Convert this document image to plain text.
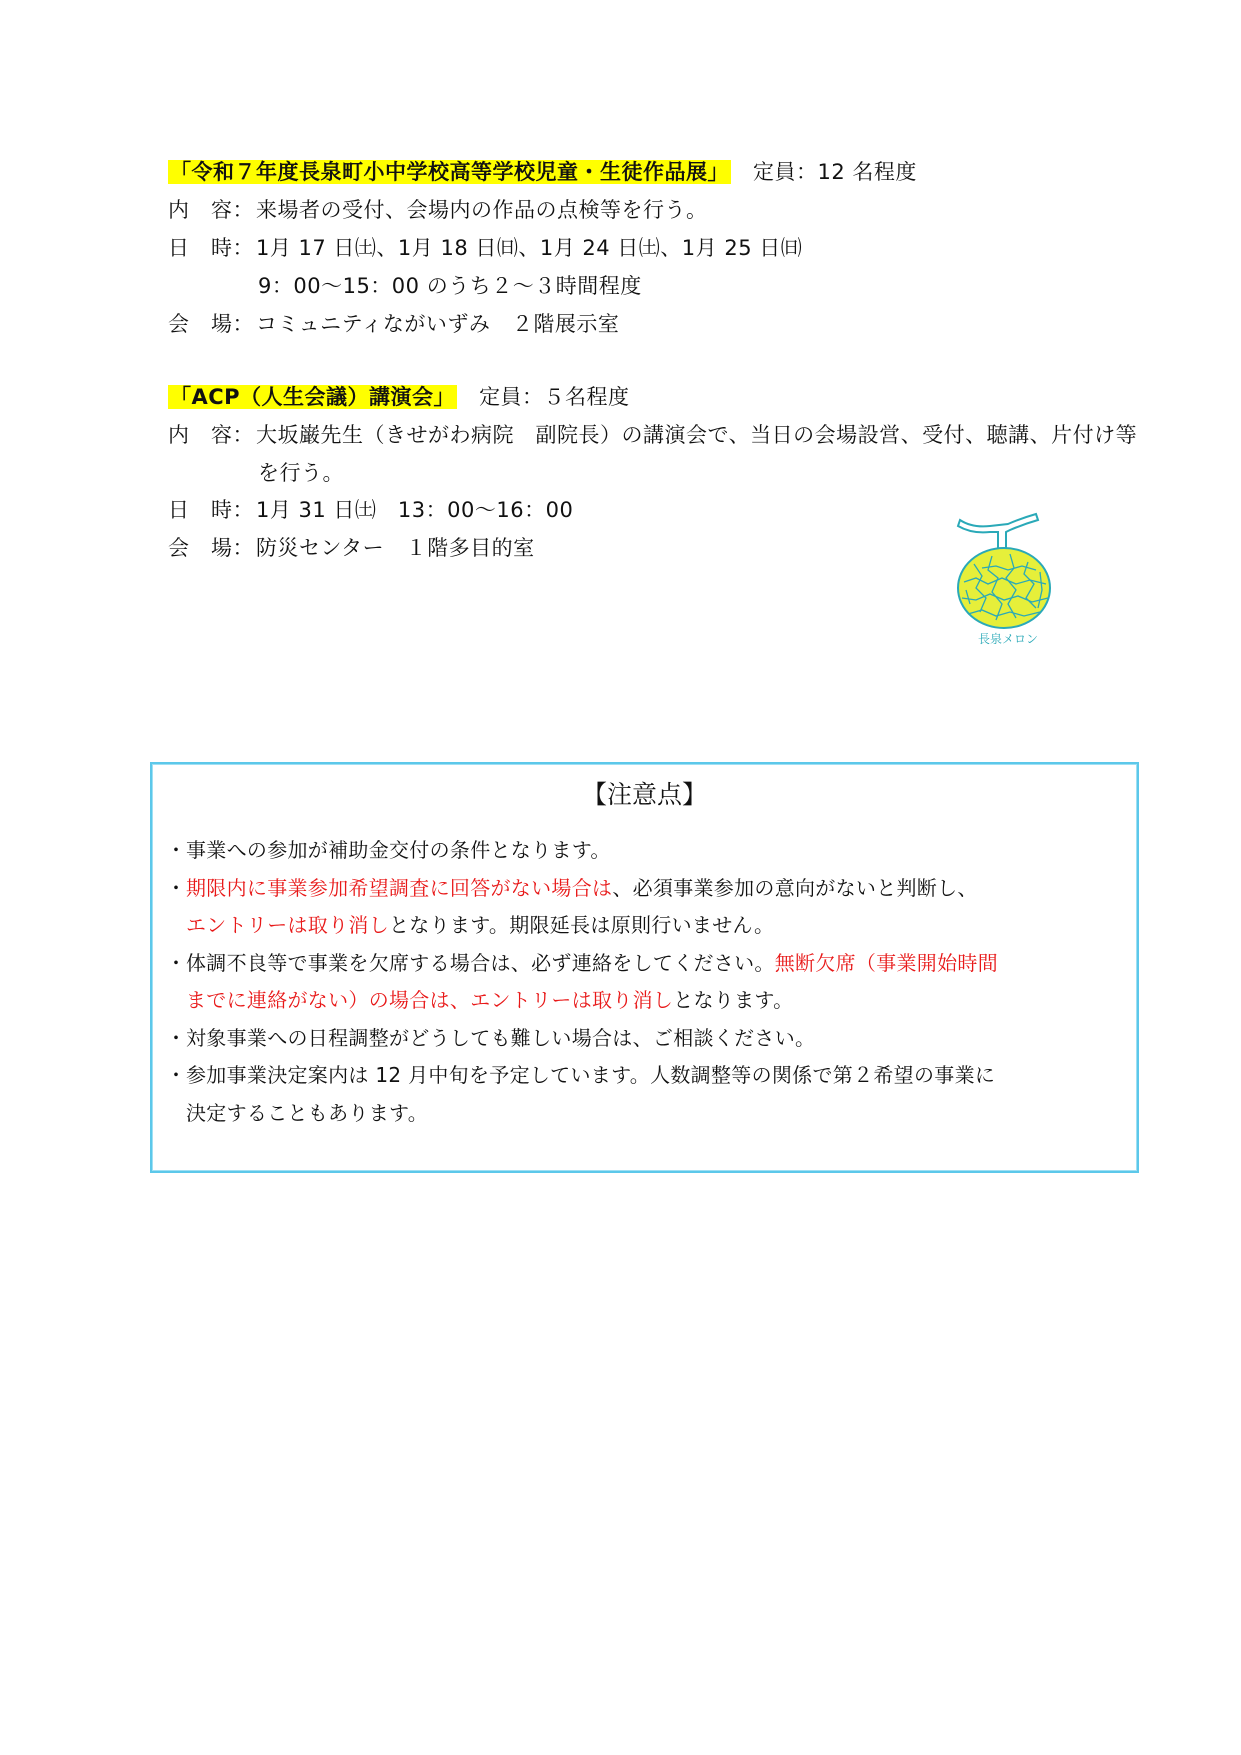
「令和７年度長泉町小中学校高等学校児童・生徒作品展」 定員：12 名程度
内　容：来場者の受付、会場内の作品の点検等を行う。
日　時：1月 17 日㈯、1月 18 日㈰、1月 24 日㈯、1月 25 日㈰
9：00〜15：00 のうち２〜３時間程度
会　場：コミュニティながいずみ　２階展示室
「ACP（人生会議）講演会」 定員：５名程度
内　容：大坂巌先生（きせがわ病院　副院長）の講演会で、当日の会場設営、受付、聴講、片付け等
を行う。
日　時：1月 31 日㈯　13：00〜16：00
会　場：防災センター　１階多目的室
長泉メロン
【注意点】
・ 事業への参加が補助金交付の条件となります。
・ 期限内に事業参加希望調査に回答がない場合は、必須事業参加の意向がないと判断し、
エントリーは取り消しとなります。期限延長は原則行いません。
・ 体調不良等で事業を欠席する場合は、必ず連絡をしてください。無断欠席（事業開始時間
までに連絡がない）の場合は、エントリーは取り消しとなります。
・ 対象事業への日程調整がどうしても難しい場合は、ご相談ください。
・ 参加事業決定案内は 12 月中旬を予定しています。人数調整等の関係で第２希望の事業に
決定することもあります。
